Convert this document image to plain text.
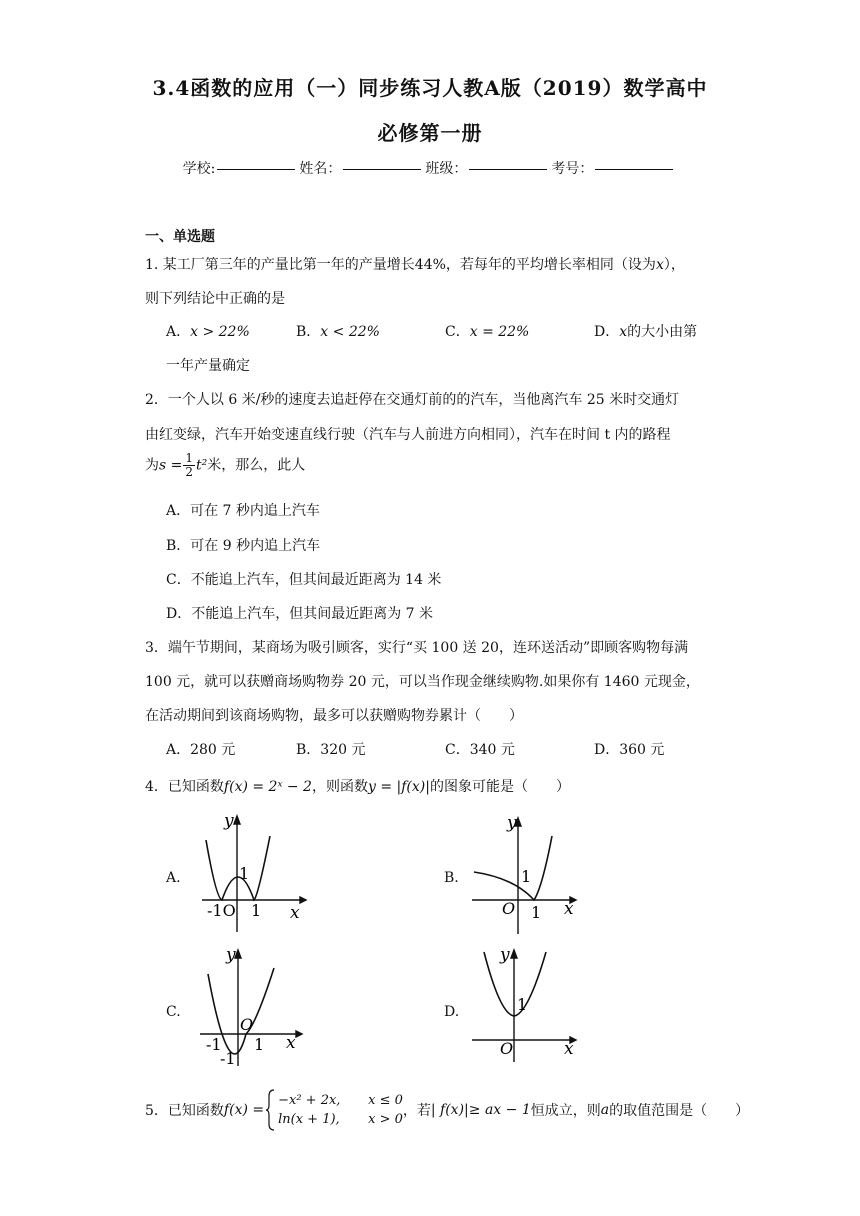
3.4函数的应用（一）同步练习人教A版（2019）数学高中
必修第一册
学校:	姓名：	班级：	考号：
一、单选题
1. 某工厂第三年的产量比第一年的产量增长44%，若每年的平均增长率相同（设为x），
则下列结论中正确的是
A．x > 22%	B．x < 22%	C．x = 22%	D．x的大小由第
一年产量确定
2．一个人以 6 米/秒的速度去追赶停在交通灯前的的汽车，当他离汽车 25 米时交通灯
由红变绿，汽车开始变速直线行驶（汽车与人前进方向相同），汽车在时间 t 内的路程
为$s = \frac{1}{2} t^2$米，那么，此人
A．可在 7 秒内追上汽车
B．可在 9 秒内追上汽车
C．不能追上汽车，但其间最近距离为 14 米
D．不能追上汽车，但其间最近距离为 7 米
3．端午节期间，某商场为吸引顾客，实行“买 100 送 20，连环送活动”即顾客购物每满
100 元，就可以获赠商场购物券 20 元，可以当作现金继续购物.如果你有 1460 元现金，
在活动期间到该商场购物，最多可以获赠购物券累计（　　）
A．280 元	B．320 元	C．340 元	D．360 元
4．已知函数f(x) = 2ˣ − 2，则函数y = |f(x)|的图象可能是（　　）
A.	B.
C.	D.
y
x
1
-1O 1
y
x
1
O 1
y
x
O
-1
-1
1
y
x
1
O
5．已知函数 f(x) =
−x² + 2x, x ≤ 0
ln(x + 1), x > 0
，若 | f(x)|≥ ax − 1 恒成立，则 a 的取值范围是（　　）
